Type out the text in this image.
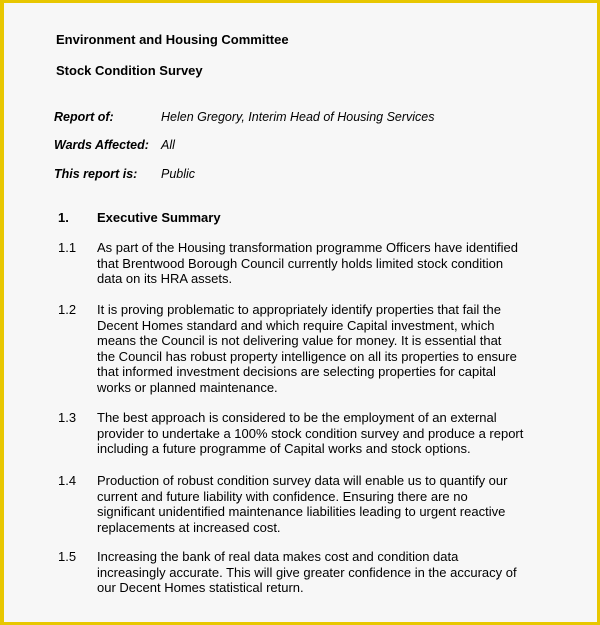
Environment and Housing Committee
Stock Condition Survey
Report of:	Helen Gregory, Interim Head of Housing Services
Wards Affected: All
This report is: Public
1. Executive Summary
1.1 As part of the Housing transformation programme Officers have identified
that Brentwood Borough Council currently holds limited stock condition
data on its HRA assets.
1.2 It is proving problematic to appropriately identify properties that fail the
Decent Homes standard and which require Capital investment, which
means the Council is not delivering value for money. It is essential that
the Council has robust property intelligence on all its properties to ensure
that informed investment decisions are selecting properties for capital
works or planned maintenance.
1.3 The best approach is considered to be the employment of an external
provider to undertake a 100% stock condition survey and produce a report
including a future programme of Capital works and stock options.
1.4 Production of robust condition survey data will enable us to quantify our
current and future liability with confidence. Ensuring there are no
significant unidentified maintenance liabilities leading to urgent reactive
replacements at increased cost.
1.5 Increasing the bank of real data makes cost and condition data
increasingly accurate. This will give greater confidence in the accuracy of
our Decent Homes statistical return.
